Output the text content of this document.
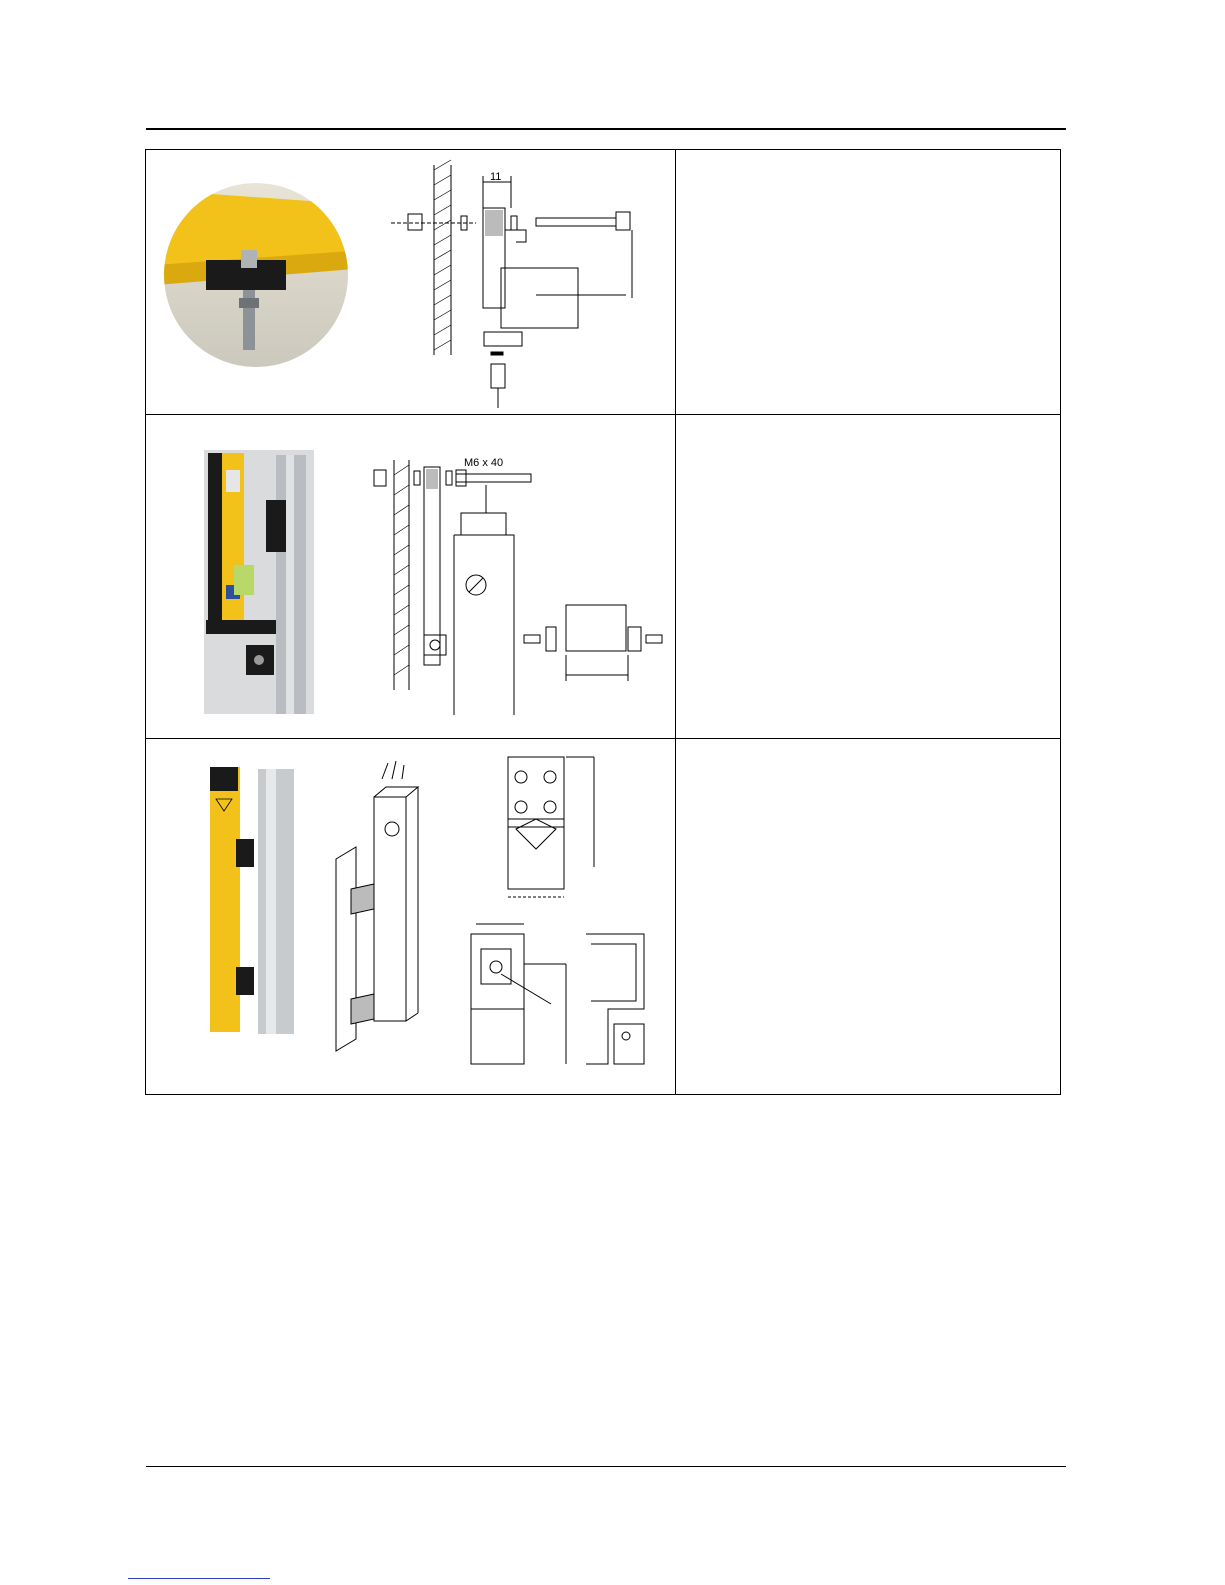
11
M6 x 40
